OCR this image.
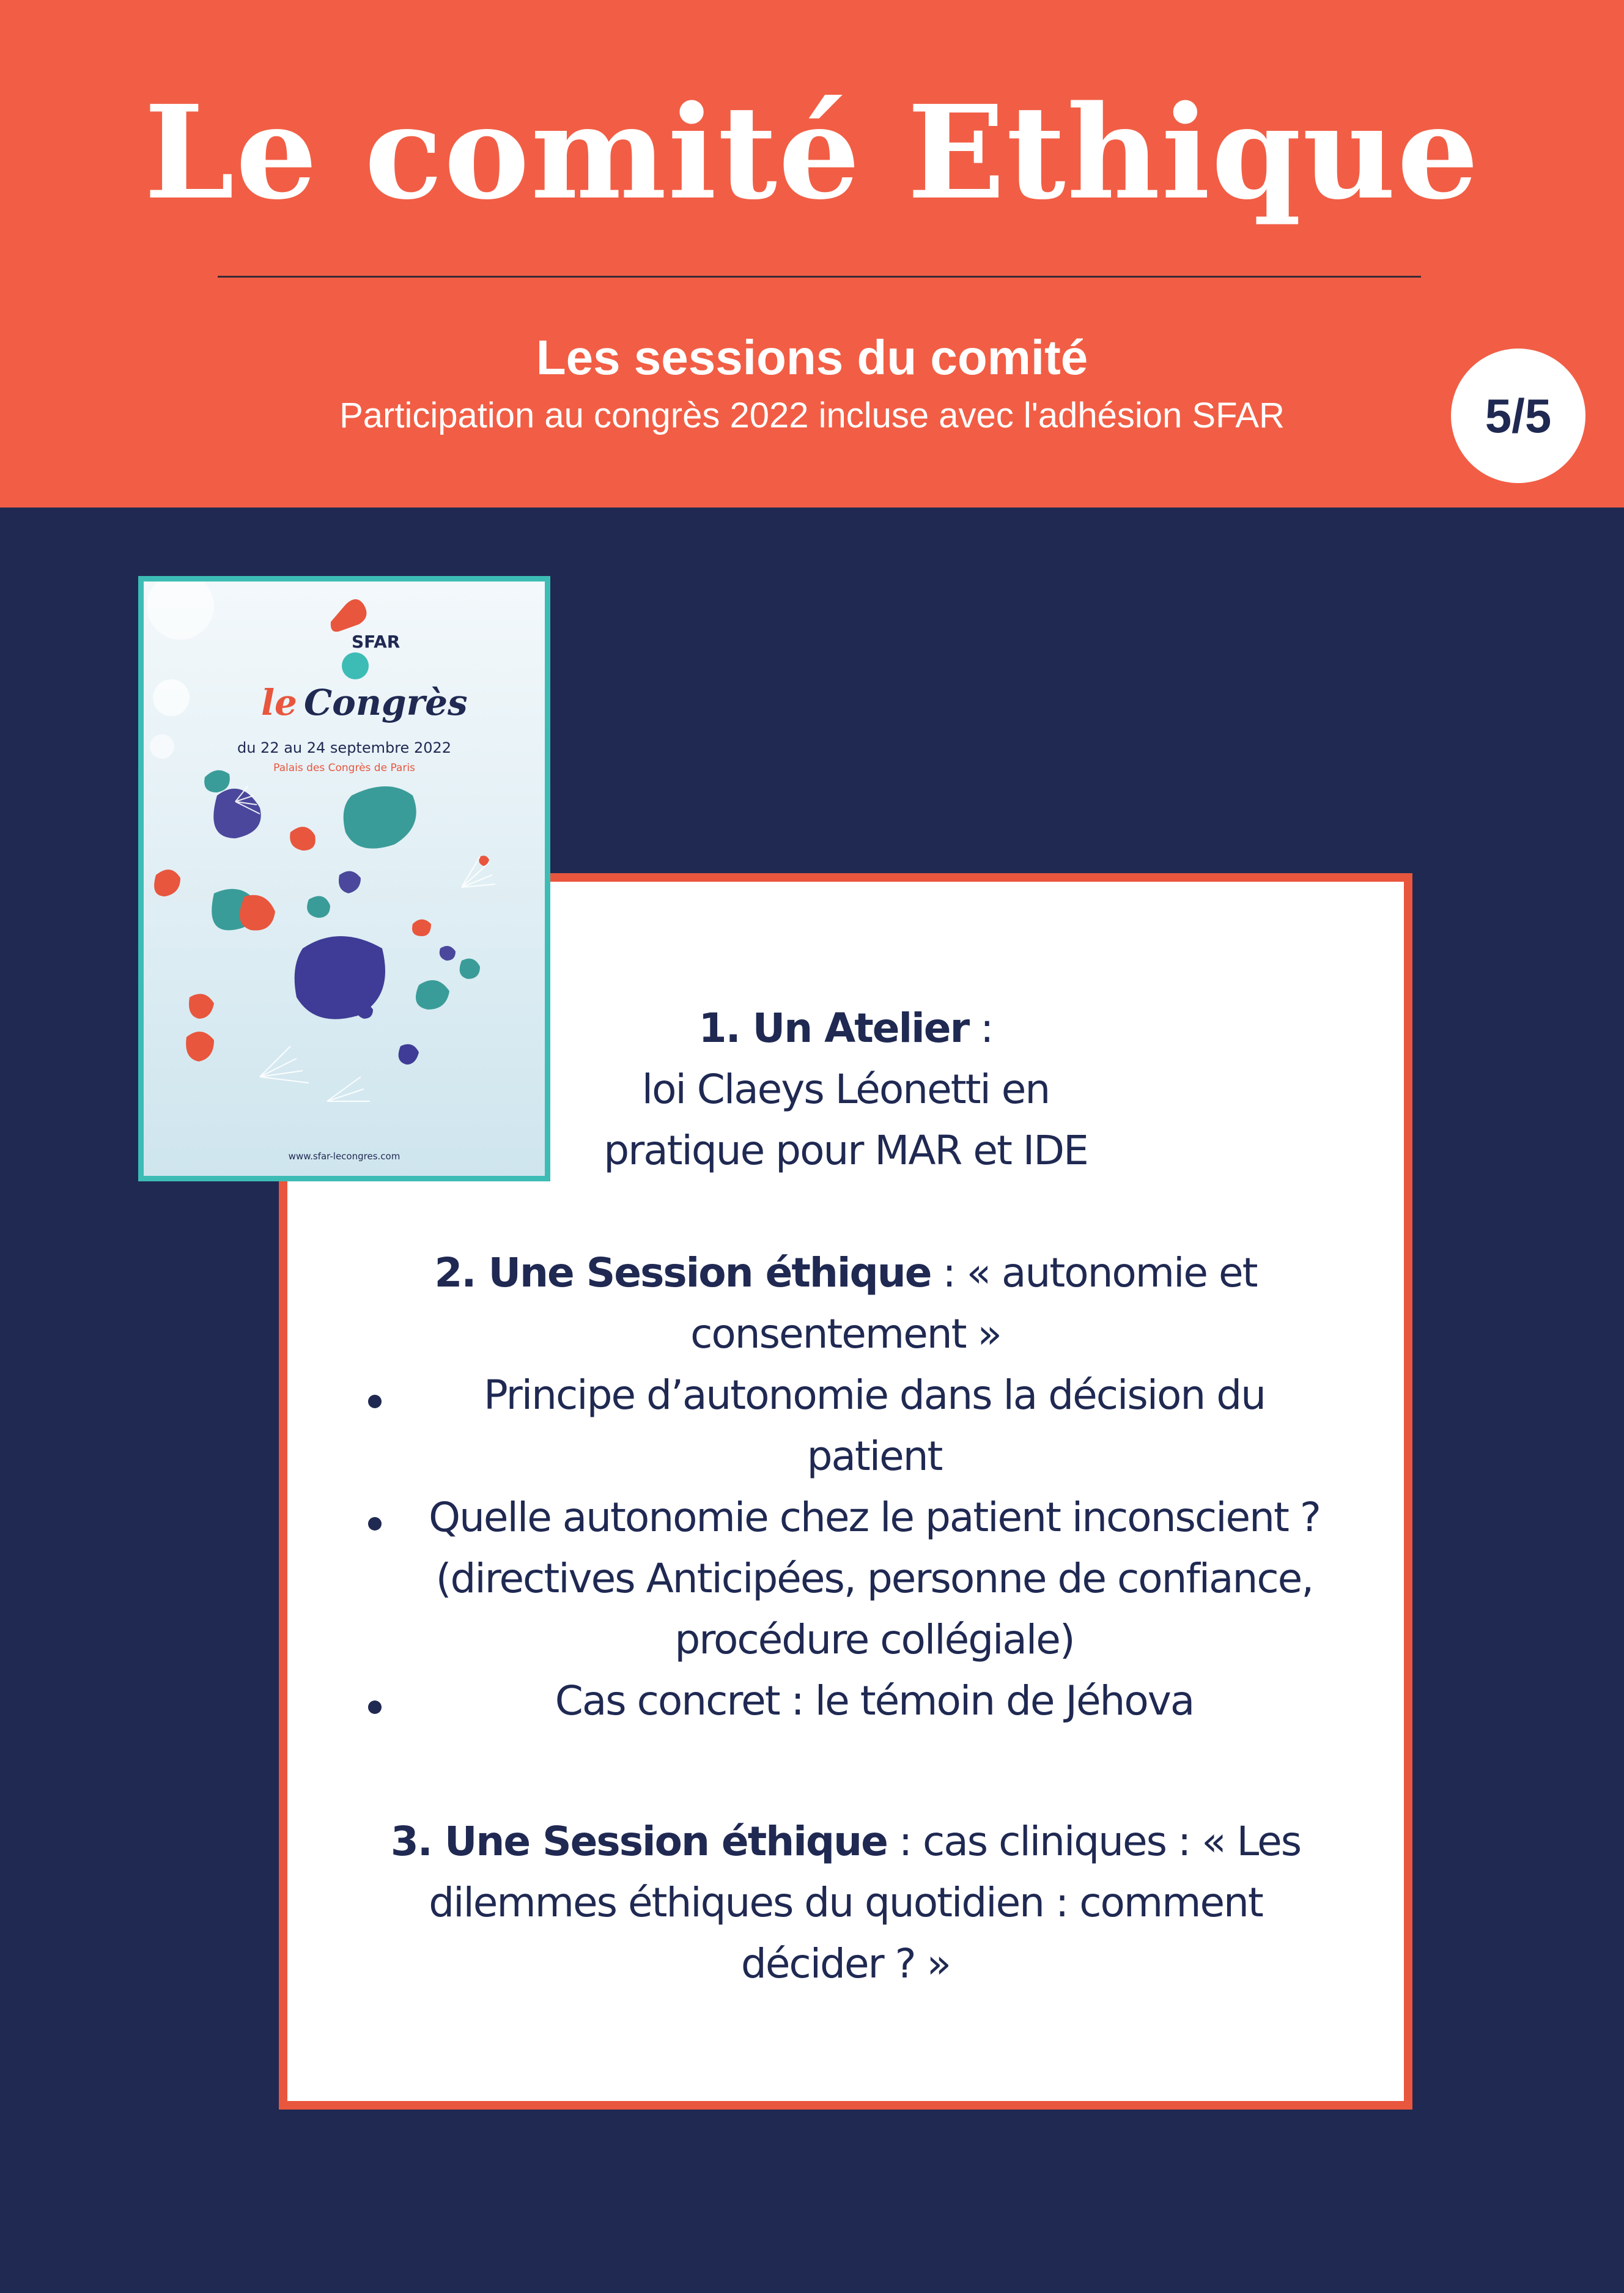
Le comité Ethique
Les sessions du comité
Participation au congrès 2022 incluse avec l'adhésion SFAR	5/5
SFAR
le Congrès
du 22 au 24 septembre 2022
Palais des Congrès de Paris
www.sfar-lecongres.com
1. Un Atelier :
loi Claeys Léonetti en
pratique pour MAR et IDE
2. Une Session éthique : « autonomie et
consentement »
Principe d’autonomie dans la décision du
patient
Quelle autonomie chez le patient inconscient ?
(directives Anticipées, personne de confiance,
procédure collégiale)
Cas concret : le témoin de Jéhova
3. Une Session éthique : cas cliniques : « Les
dilemmes éthiques du quotidien : comment
décider ? »
